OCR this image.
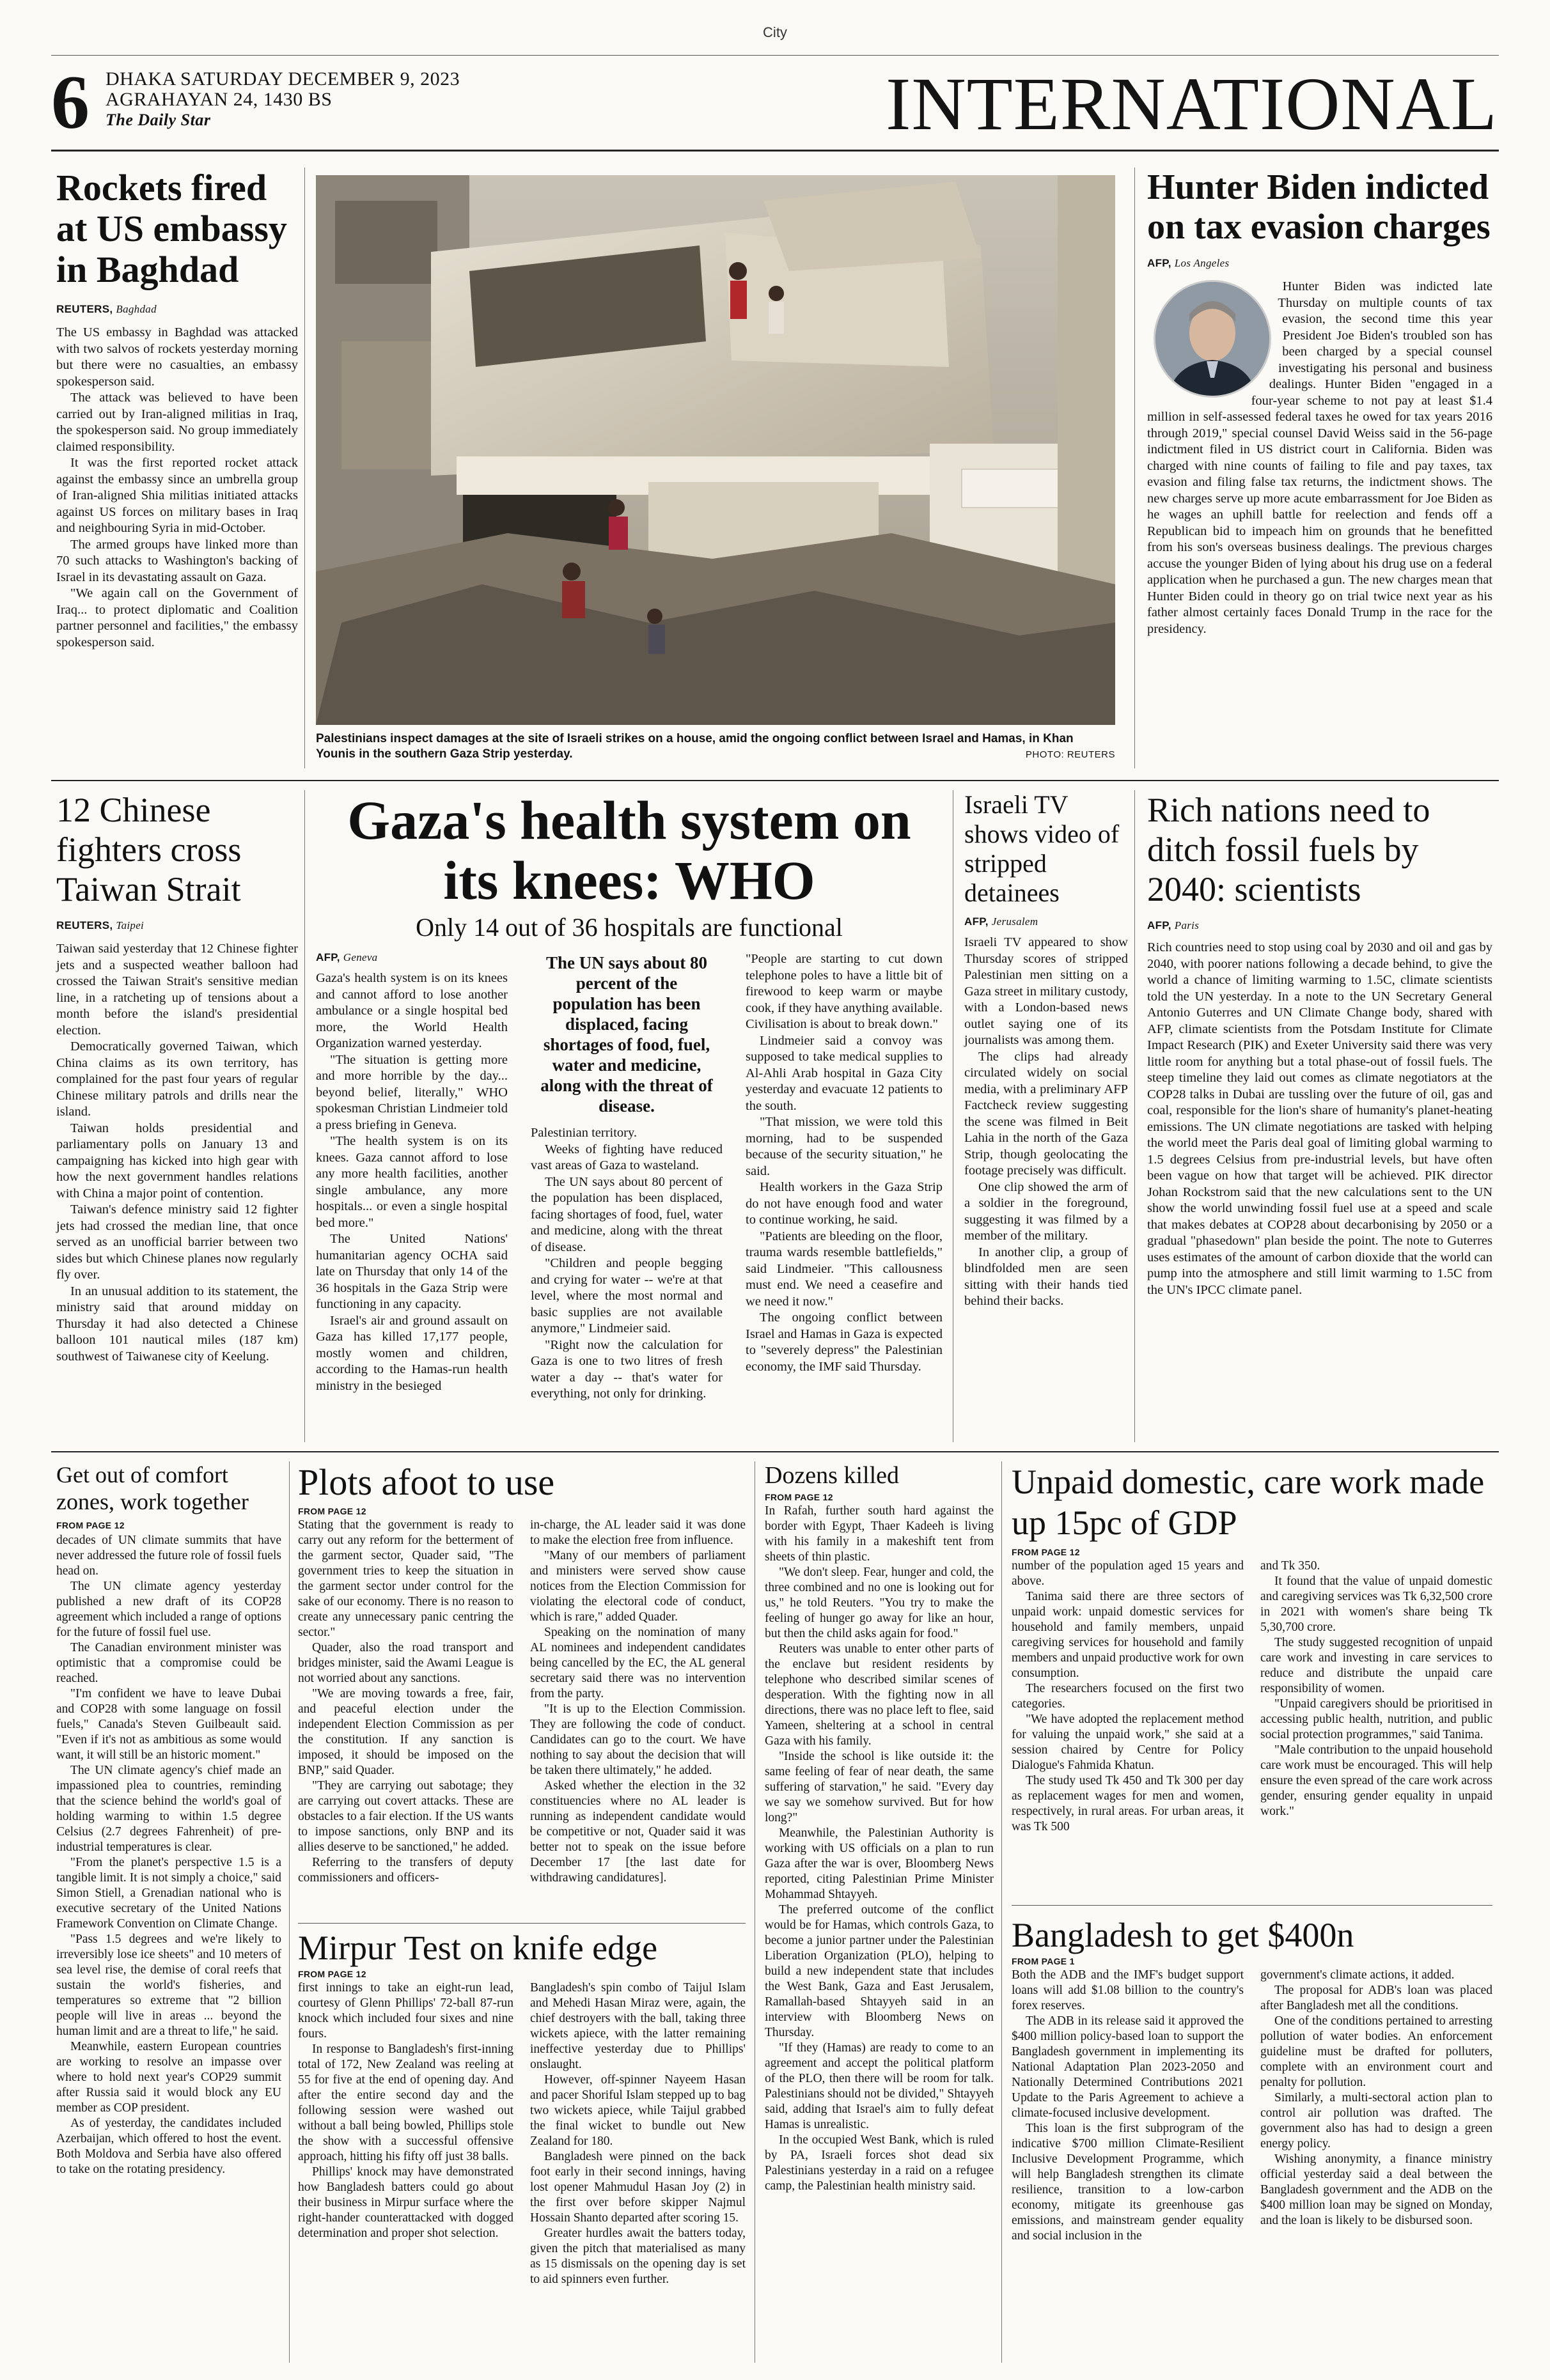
City
6 DHAKA SATURDAY DECEMBER 9, 2023
AGRAHAYAN 24, 1430 BS
The Daily Star	INTERNATIONAL
Rockets fired at US embassy in Baghdad
REUTERS, Baghdad

The US embassy in Baghdad was attacked with two salvos of rockets yesterday morning but there were no casualties, an embassy spokesperson said.

The attack was believed to have been carried out by Iran-aligned militias in Iraq, the spokesperson said. No group immediately claimed responsibility.

It was the first reported rocket attack against the embassy since an umbrella group of Iran-aligned Shia militias initiated attacks against US forces on military bases in Iraq and neighbouring Syria in mid-October.

The armed groups have linked more than 70 such attacks to Washington's backing of Israel in its devastating assault on Gaza.

"We again call on the Government of Iraq... to protect diplomatic and Coalition partner personnel and facilities," the embassy spokesperson said.

Palestinians inspect damages at the site of Israeli strikes on a house, amid the ongoing conflict between Israel and Hamas, in Khan Younis in the southern Gaza Strip yesterday.	PHOTO: REUTERS
Hunter Biden indicted on tax evasion charges
AFP, Los Angeles

Hunter Biden was indicted late Thursday on multiple counts of tax evasion, the second time this year President Joe Biden's troubled son has been charged by a special counsel investigating his personal and business dealings. Hunter Biden "engaged in a four-year scheme to not pay at least $1.4 million in self-assessed federal taxes he owed for tax years 2016 through 2019," special counsel David Weiss said in the 56-page indictment filed in US district court in California. Biden was charged with nine counts of failing to file and pay taxes, tax evasion and filing false tax returns, the indictment shows. The new charges serve up more acute embarrassment for Joe Biden as he wages an uphill battle for reelection and fends off a Republican bid to impeach him on grounds that he benefitted from his son's overseas business dealings. The previous charges accuse the younger Biden of lying about his drug use on a federal application when he purchased a gun. The new charges mean that Hunter Biden could in theory go on trial twice next year as his father almost certainly faces Donald Trump in the race for the presidency.

12 Chinese fighters cross Taiwan Strait
REUTERS, Taipei

Taiwan said yesterday that 12 Chinese fighter jets and a suspected weather balloon had crossed the Taiwan Strait's sensitive median line, in a ratcheting up of tensions about a month before the island's presidential election.

Democratically governed Taiwan, which China claims as its own territory, has complained for the past four years of regular Chinese military patrols and drills near the island.

Taiwan holds presidential and parliamentary polls on January 13 and campaigning has kicked into high gear with how the next government handles relations with China a major point of contention.

Taiwan's defence ministry said 12 fighter jets had crossed the median line, that once served as an unofficial barrier between two sides but which Chinese planes now regularly fly over.

In an unusual addition to its statement, the ministry said that around midday on Thursday it had also detected a Chinese balloon 101 nautical miles (187 km) southwest of Taiwanese city of Keelung.

Gaza's health system on its knees: WHO
Only 14 out of 36 hospitals are functional
AFP, Geneva

Gaza's health system is on its knees and cannot afford to lose another ambulance or a single hospital bed more, the World Health Organization warned yesterday.

"The situation is getting more and more horrible by the day... beyond belief, literally," WHO spokesman Christian Lindmeier told a press briefing in Geneva.

"The health system is on its knees. Gaza cannot afford to lose any more health facilities, another single ambulance, any more hospitals... or even a single hospital bed more."

The United Nations' humanitarian agency OCHA said late on Thursday that only 14 of the 36 hospitals in the Gaza Strip were functioning in any capacity.

Israel's air and ground assault on Gaza has killed 17,177 people, mostly women and children, according to the Hamas-run health ministry in the besieged

The UN says about 80 percent of the population has been displaced, facing shortages of food, fuel, water and medicine, along with the threat of disease.

Palestinian territory.

Weeks of fighting have reduced vast areas of Gaza to wasteland.

The UN says about 80 percent of the population has been displaced, facing shortages of food, fuel, water and medicine, along with the threat of disease.

"Children and people begging and crying for water -- we're at that level, where the most normal and basic supplies are not available anymore," Lindmeier said.

"Right now the calculation for Gaza is one to two litres of fresh water a day -- that's water for everything, not only for drinking.

"People are starting to cut down telephone poles to have a little bit of firewood to keep warm or maybe cook, if they have anything available. Civilisation is about to break down."

Lindmeier said a convoy was supposed to take medical supplies to Al-Ahli Arab hospital in Gaza City yesterday and evacuate 12 patients to the south.

"That mission, we were told this morning, had to be suspended because of the security situation," he said.

Health workers in the Gaza Strip do not have enough food and water to continue working, he said.

"Patients are bleeding on the floor, trauma wards resemble battlefields," said Lindmeier. "This callousness must end. We need a ceasefire and we need it now."

The ongoing conflict between Israel and Hamas in Gaza is expected to "severely depress" the Palestinian economy, the IMF said Thursday.

Israeli TV shows video of stripped detainees
AFP, Jerusalem

Israeli TV appeared to show Thursday scores of stripped Palestinian men sitting on a Gaza street in military custody, with a London-based news outlet saying one of its journalists was among them.

The clips had already circulated widely on social media, with a preliminary AFP Factcheck review suggesting the scene was filmed in Beit Lahia in the north of the Gaza Strip, though geolocating the footage precisely was difficult.

One clip showed the arm of a soldier in the foreground, suggesting it was filmed by a member of the military.

In another clip, a group of blindfolded men are seen sitting with their hands tied behind their backs.

Rich nations need to ditch fossil fuels by 2040: scientists
AFP, Paris

Rich countries need to stop using coal by 2030 and oil and gas by 2040, with poorer nations following a decade behind, to give the world a chance of limiting warming to 1.5C, climate scientists told the UN yesterday. In a note to the UN Secretary General Antonio Guterres and UN Climate Change body, shared with AFP, climate scientists from the Potsdam Institute for Climate Impact Research (PIK) and Exeter University said there was very little room for anything but a total phase-out of fossil fuels. The steep timeline they laid out comes as climate negotiators at the COP28 talks in Dubai are tussling over the future of oil, gas and coal, responsible for the lion's share of humanity's planet-heating emissions. The UN climate negotiations are tasked with helping the world meet the Paris deal goal of limiting global warming to 1.5 degrees Celsius from pre-industrial levels, but have often been vague on how that target will be achieved. PIK director Johan Rockstrom said that the new calculations sent to the UN show the world unwinding fossil fuel use at a speed and scale that makes debates at COP28 about decarbonising by 2050 or a gradual "phasedown" plan beside the point. The note to Guterres uses estimates of the amount of carbon dioxide that the world can pump into the atmosphere and still limit warming to 1.5C from the UN's IPCC climate panel.

Get out of comfort zones, work together
FROM PAGE 12

decades of UN climate summits that have never addressed the future role of fossil fuels head on.

The UN climate agency yesterday published a new draft of its COP28 agreement which included a range of options for the future of fossil fuel use.

The Canadian environment minister was optimistic that a compromise could be reached.

"I'm confident we have to leave Dubai and COP28 with some language on fossil fuels," Canada's Steven Guilbeault said. "Even if it's not as ambitious as some would want, it will still be an historic moment."

The UN climate agency's chief made an impassioned plea to countries, reminding that the science behind the world's goal of holding warming to within 1.5 degree Celsius (2.7 degrees Fahrenheit) of pre-industrial temperatures is clear.

"From the planet's perspective 1.5 is a tangible limit. It is not simply a choice," said Simon Stiell, a Grenadian national who is executive secretary of the United Nations Framework Convention on Climate Change.

"Pass 1.5 degrees and we're likely to irreversibly lose ice sheets" and 10 meters of sea level rise, the demise of coral reefs that sustain the world's fisheries, and temperatures so extreme that "2 billion people will live in areas ... beyond the human limit and are a threat to life," he said.

Meanwhile, eastern European countries are working to resolve an impasse over where to hold next year's COP29 summit after Russia said it would block any EU member as COP president.

As of yesterday, the candidates included Azerbaijan, which offered to host the event. Both Moldova and Serbia have also offered to take on the rotating presidency.

Plots afoot to use
FROM PAGE 12

Stating that the government is ready to carry out any reform for the betterment of the garment sector, Quader said, "The government tries to keep the situation in the garment sector under control for the sake of our economy. There is no reason to create any unnecessary panic centring the sector."

Quader, also the road transport and bridges minister, said the Awami League is not worried about any sanctions.

"We are moving towards a free, fair, and peaceful election under the independent Election Commission as per the constitution. If any sanction is imposed, it should be imposed on the BNP," said Quader.

"They are carrying out sabotage; they are carrying out covert attacks. These are obstacles to a fair election. If the US wants to impose sanctions, only BNP and its allies deserve to be sanctioned," he added.

Referring to the transfers of deputy commissioners and officers-

in-charge, the AL leader said it was done to make the election free from influence.

"Many of our members of parliament and ministers were served show cause notices from the Election Commission for violating the electoral code of conduct, which is rare," added Quader.

Speaking on the nomination of many AL nominees and independent candidates being cancelled by the EC, the AL general secretary said there was no intervention from the party.

"It is up to the Election Commission. They are following the code of conduct. Candidates can go to the court. We have nothing to say about the decision that will be taken there ultimately," he added.

Asked whether the election in the 32 constituencies where no AL leader is running as independent candidate would be competitive or not, Quader said it was better not to speak on the issue before December 17 [the last date for withdrawing candidatures].

Mirpur Test on knife edge
FROM PAGE 12

first innings to take an eight-run lead, courtesy of Glenn Phillips' 72-ball 87-run knock which included four sixes and nine fours.

In response to Bangladesh's first-inning total of 172, New Zealand was reeling at 55 for five at the end of opening day. And after the entire second day and the following session were washed out without a ball being bowled, Phillips stole the show with a successful offensive approach, hitting his fifty off just 38 balls.

Phillips' knock may have demonstrated how Bangladesh batters could go about their business in Mirpur surface where the right-hander counterattacked with dogged determination and proper shot selection.

Bangladesh's spin combo of Taijul Islam and Mehedi Hasan Miraz were, again, the chief destroyers with the ball, taking three wickets apiece, with the latter remaining ineffective yesterday due to Phillips' onslaught.

However, off-spinner Nayeem Hasan and pacer Shoriful Islam stepped up to bag two wickets apiece, while Taijul grabbed the final wicket to bundle out New Zealand for 180.

Bangladesh were pinned on the back foot early in their second innings, having lost opener Mahmudul Hasan Joy (2) in the first over before skipper Najmul Hossain Shanto departed after scoring 15.

Greater hurdles await the batters today, given the pitch that materialised as many as 15 dismissals on the opening day is set to aid spinners even further.

Dozens killed
FROM PAGE 12

In Rafah, further south hard against the border with Egypt, Thaer Kadeeh is living with his family in a makeshift tent from sheets of thin plastic.

"We don't sleep. Fear, hunger and cold, the three combined and no one is looking out for us," he told Reuters. "You try to make the feeling of hunger go away for like an hour, but then the child asks again for food."

Reuters was unable to enter other parts of the enclave but resident residents by telephone who described similar scenes of desperation. With the fighting now in all directions, there was no place left to flee, said Yameen, sheltering at a school in central Gaza with his family.

"Inside the school is like outside it: the same feeling of fear of near death, the same suffering of starvation," he said. "Every day we say we somehow survived. But for how long?"

Meanwhile, the Palestinian Authority is working with US officials on a plan to run Gaza after the war is over, Bloomberg News reported, citing Palestinian Prime Minister Mohammad Shtayyeh.

The preferred outcome of the conflict would be for Hamas, which controls Gaza, to become a junior partner under the Palestinian Liberation Organization (PLO), helping to build a new independent state that includes the West Bank, Gaza and East Jerusalem, Ramallah-based Shtayyeh said in an interview with Bloomberg News on Thursday.

"If they (Hamas) are ready to come to an agreement and accept the political platform of the PLO, then there will be room for talk. Palestinians should not be divided," Shtayyeh said, adding that Israel's aim to fully defeat Hamas is unrealistic.

In the occupied West Bank, which is ruled by PA, Israeli forces shot dead six Palestinians yesterday in a raid on a refugee camp, the Palestinian health ministry said.

Unpaid domestic, care work made up 15pc of GDP
FROM PAGE 12

number of the population aged 15 years and above.

Tanima said there are three sectors of unpaid work: unpaid domestic services for household and family members, unpaid caregiving services for household and family members and unpaid productive work for own consumption.

The researchers focused on the first two categories.

"We have adopted the replacement method for valuing the unpaid work," she said at a session chaired by Centre for Policy Dialogue's Fahmida Khatun.

The study used Tk 450 and Tk 300 per day as replacement wages for men and women, respectively, in rural areas. For urban areas, it was Tk 500

and Tk 350.

It found that the value of unpaid domestic and caregiving services was Tk 6,32,500 crore in 2021 with women's share being Tk 5,30,700 crore.

The study suggested recognition of unpaid care work and investing in care services to reduce and distribute the unpaid care responsibility of women.

"Unpaid caregivers should be prioritised in accessing public health, nutrition, and public social protection programmes," said Tanima.

"Male contribution to the unpaid household care work must be encouraged. This will help ensure the even spread of the care work across gender, ensuring gender equality in unpaid work."

Bangladesh to get $400n
FROM PAGE 1

Both the ADB and the IMF's budget support loans will add $1.08 billion to the country's forex reserves.

The ADB in its release said it approved the $400 million policy-based loan to support the Bangladesh government in implementing its National Adaptation Plan 2023-2050 and Nationally Determined Contributions 2021 Update to the Paris Agreement to achieve a climate-focused inclusive development.

This loan is the first subprogram of the indicative $700 million Climate-Resilient Inclusive Development Programme, which will help Bangladesh strengthen its climate resilience, transition to a low-carbon economy, mitigate its greenhouse gas emissions, and mainstream gender equality and social inclusion in the

government's climate actions, it added.

The proposal for ADB's loan was placed after Bangladesh met all the conditions.

One of the conditions pertained to arresting pollution of water bodies. An enforcement guideline must be drafted for polluters, complete with an environment court and penalty for pollution.

Similarly, a multi-sectoral action plan to control air pollution was drafted. The government also has had to design a green energy policy.

Wishing anonymity, a finance ministry official yesterday said a deal between the Bangladesh government and the ADB on the $400 million loan may be signed on Monday, and the loan is likely to be disbursed soon.
